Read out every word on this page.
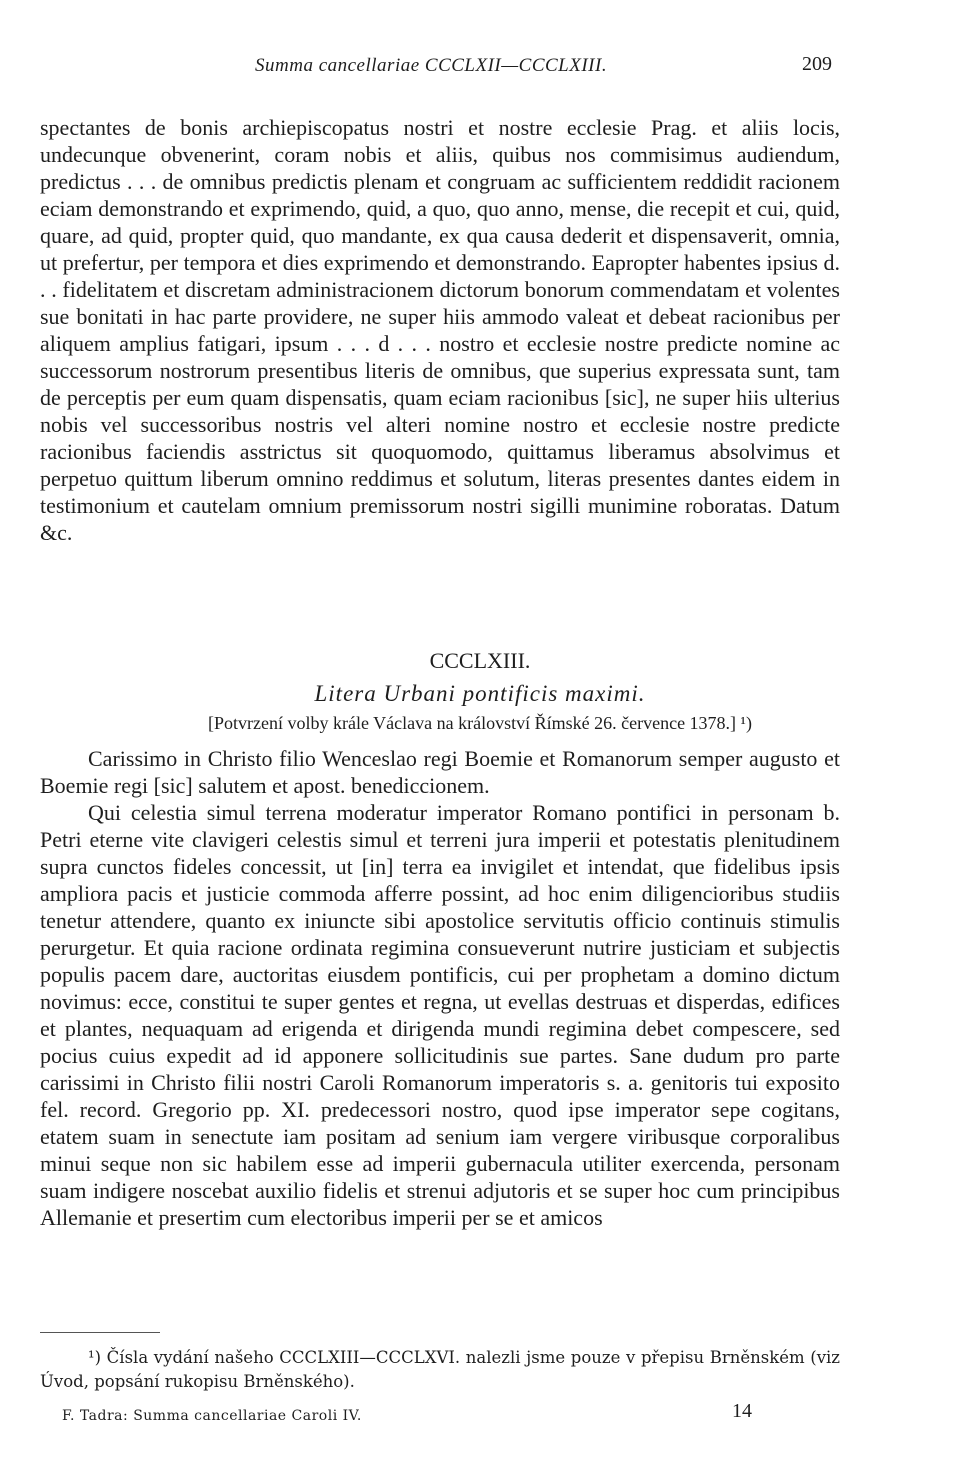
Summa cancellariae CCCLXII—CCCLXIII.	209

spectantes de bonis archiepiscopatus nostri et nostre ecclesie Prag. et aliis locis, undecunque obvenerint, coram nobis et aliis, quibus nos commisimus audiendum, predictus . . . de omnibus predictis plenam et congruam ac sufficientem reddidit racionem eciam demonstrando et exprimendo, quid, a quo, quo anno, mense, die recepit et cui, quid, quare, ad quid, propter quid, quo mandante, ex qua causa dederit et dispensaverit, omnia, ut prefertur, per tempora et dies exprimendo et demonstrando. Eapropter habentes ipsius d. . . fidelitatem et discretam administracionem dictorum bonorum commendatam et volentes sue bonitati in hac parte providere, ne super hiis ammodo valeat et debeat racionibus per aliquem amplius fatigari, ipsum . . . d . . . nostro et ecclesie nostre predicte nomine ac successorum nostrorum presentibus literis de omnibus, que superius expressata sunt, tam de perceptis per eum quam dispensatis, quam eciam racionibus [sic], ne super hiis ulterius nobis vel successoribus nostris vel alteri nomine nostro et ecclesie nostre predicte racionibus faciendis asstrictus sit quoquomodo, quittamus liberamus absolvimus et perpetuo quittum liberum omnino reddimus et solutum, literas presentes dantes eidem in testimonium et cautelam omnium premissorum nostri sigilli munimine roboratas. Datum &c.

CCCLXIII.
Litera Urbani pontificis maximi.
[Potvrzení volby krále Václava na království Římské 26. července 1378.] ¹)

Carissimo in Christo filio Wenceslao regi Boemie et Romanorum semper augusto et Boemie regi [sic] salutem et apost. benediccionem.

Qui celestia simul terrena moderatur imperator Romano pontifici in personam b. Petri eterne vite clavigeri celestis simul et terreni jura imperii et potestatis plenitudinem supra cunctos fideles concessit, ut [in] terra ea invigilet et intendat, que fidelibus ipsis ampliora pacis et justicie commoda afferre possint, ad hoc enim diligencioribus studiis tenetur attendere, quanto ex iniuncte sibi apostolice servitutis officio continuis stimulis perurgetur. Et quia racione ordinata regimina consueverunt nutrire justiciam et subjectis populis pacem dare, auctoritas eiusdem pontificis, cui per prophetam a domino dictum novimus: ecce, constitui te super gentes et regna, ut evellas destruas et disperdas, edifices et plantes, nequaquam ad erigenda et dirigenda mundi regimina debet compescere, sed pocius cuius expedit ad id apponere sollicitudinis sue partes. Sane dudum pro parte carissimi in Christo filii nostri Caroli Romanorum imperatoris s. a. genitoris tui exposito fel. record. Gregorio pp. XI. predecessori nostro, quod ipse imperator sepe cogitans, etatem suam in senectute iam positam ad senium iam vergere viribusque corporalibus minui seque non sic habilem esse ad imperii gubernacula utiliter exercenda, personam suam indigere noscebat auxilio fidelis et strenui adjutoris et se super hoc cum principibus Allemanie et presertim cum electoribus imperii per se et amicos

¹) Čísla vydání našeho CCCLXIII—CCCLXVI. nalezli jsme pouze v přepisu Brněnském (viz Úvod, popsání rukopisu Brněnského).

F. Tadra: Summa cancellariae Caroli IV.	14
